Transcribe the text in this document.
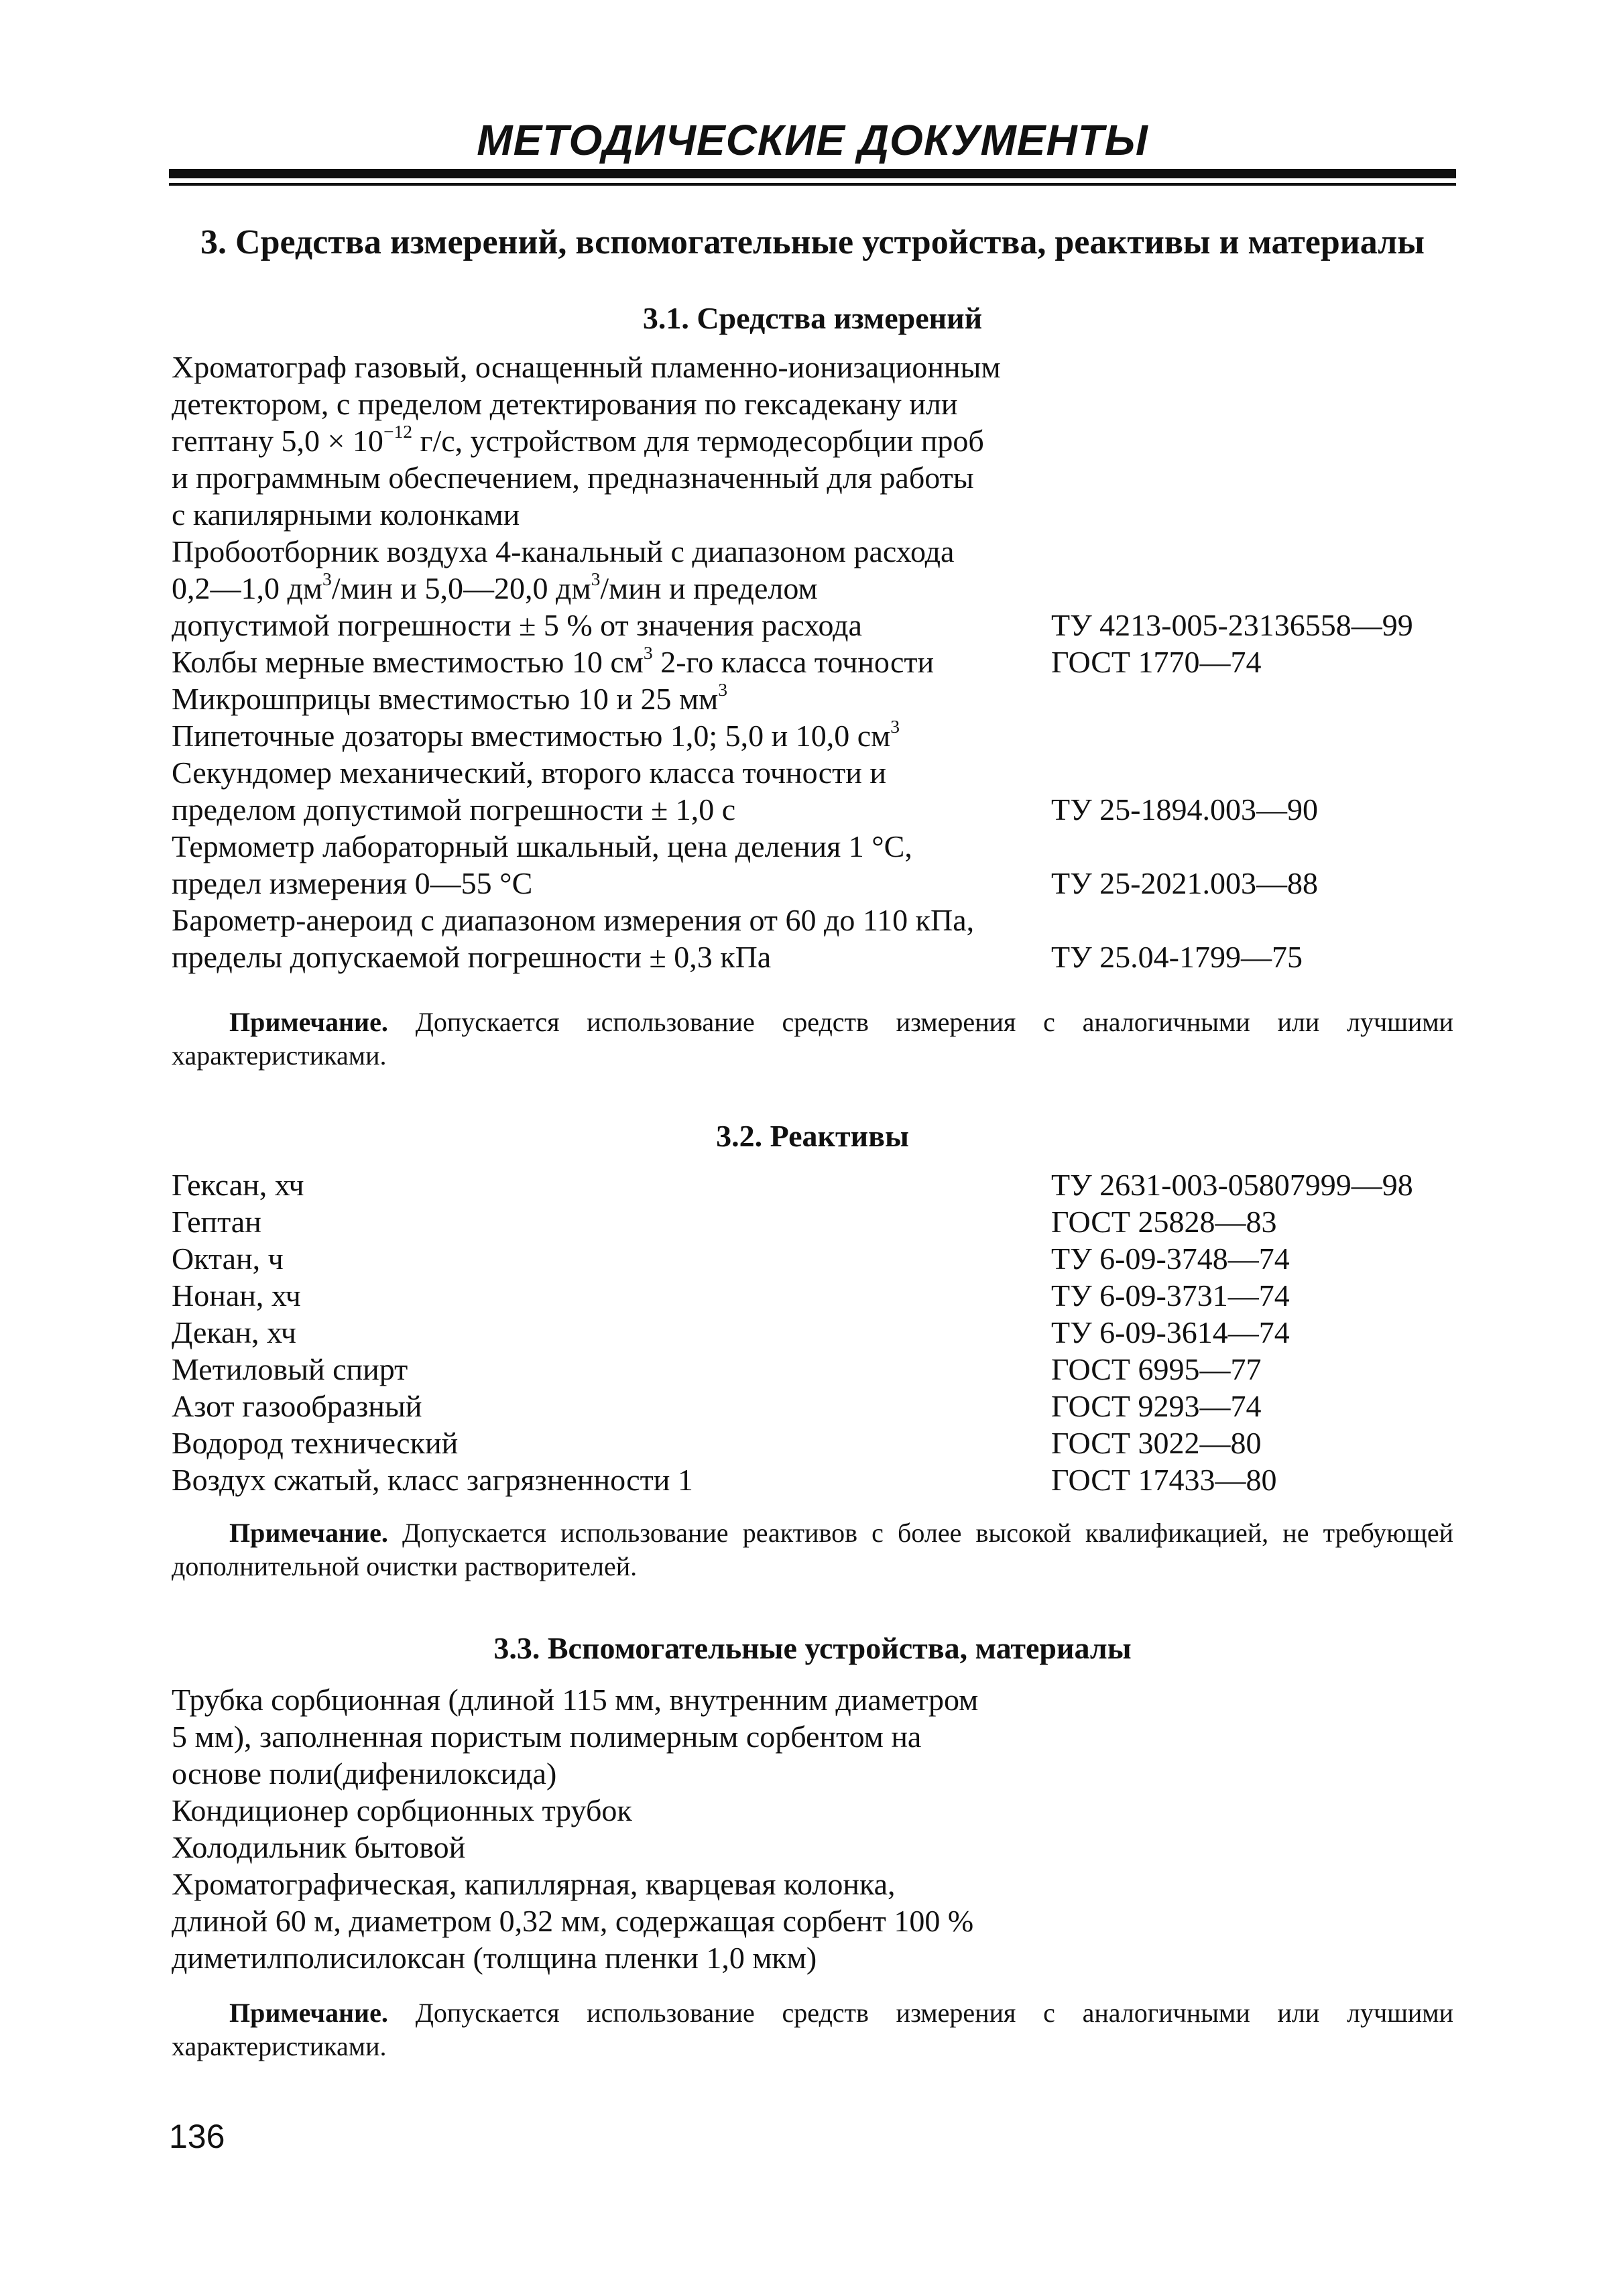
МЕТОДИЧЕСКИЕ ДОКУМЕНТЫ
3. Средства измерений, вспомогательные устройства, реактивы и материалы
3.1. Средства измерений
Хроматограф газовый, оснащенный пламенно-ионизационным
детектором, с пределом детектирования по гексадекану или
гептану $5,0 \times 10^{-12}$ г/с, устройством для термодесорбции проб
и программным обеспечением, предназначенный для работы
с капилярными колонками
Пробоотборник воздуха 4-канальный с диапазоном расхода
0,2—1,0 $дм^3$/мин и 5,0—20,0 $дм^3$/мин и пределом
допустимой погрешности ± 5 % от значения расхода	ТУ 4213-005-23136558—99
Колбы мерные вместимостью 10 $см^3$ 2-го класса точности	ГОСТ 1770—74
Микрошприцы вместимостью 10 и 25 $мм^3$
Пипеточные дозаторы вместимостью 1,0; 5,0 и 10,0 $см^3$
Секундомер механический, второго класса точности и
пределом допустимой погрешности ± 1,0 с	ТУ 25-1894.003—90
Термометр лабораторный шкальный, цена деления 1 °С,
предел измерения 0—55 °С	ТУ 25-2021.003—88
Барометр-анероид с диапазоном измерения от 60 до 110 кПа,
пределы допускаемой погрешности ± 0,3 кПа	ТУ 25.04-1799—75
Примечание. Допускается использование средств измерения с аналогичными или лучшими характеристиками.
3.2. Реактивы
Гексан, хч	ТУ 2631-003-05807999—98
Гептан	ГОСТ 25828—83
Октан, ч	ТУ 6-09-3748—74
Нонан, хч	ТУ 6-09-3731—74
Декан, хч	ТУ 6-09-3614—74
Метиловый спирт	ГОСТ 6995—77
Азот газообразный	ГОСТ 9293—74
Водород технический	ГОСТ 3022—80
Воздух сжатый, класс загрязненности 1	ГОСТ 17433—80
Примечание. Допускается использование реактивов с более высокой квалификацией, не требующей дополнительной очистки растворителей.
3.3. Вспомогательные устройства, материалы
Трубка сорбционная (длиной 115 мм, внутренним диаметром
5 мм), заполненная пористым полимерным сорбентом на
основе поли(дифенилоксида)
Кондиционер сорбционных трубок
Холодильник бытовой
Хроматографическая, капиллярная, кварцевая колонка,
длиной 60 м, диаметром 0,32 мм, содержащая сорбент 100 %
диметилполисилоксан (толщина пленки 1,0 мкм)
Примечание. Допускается использование средств измерения с аналогичными или лучшими характеристиками.
136
